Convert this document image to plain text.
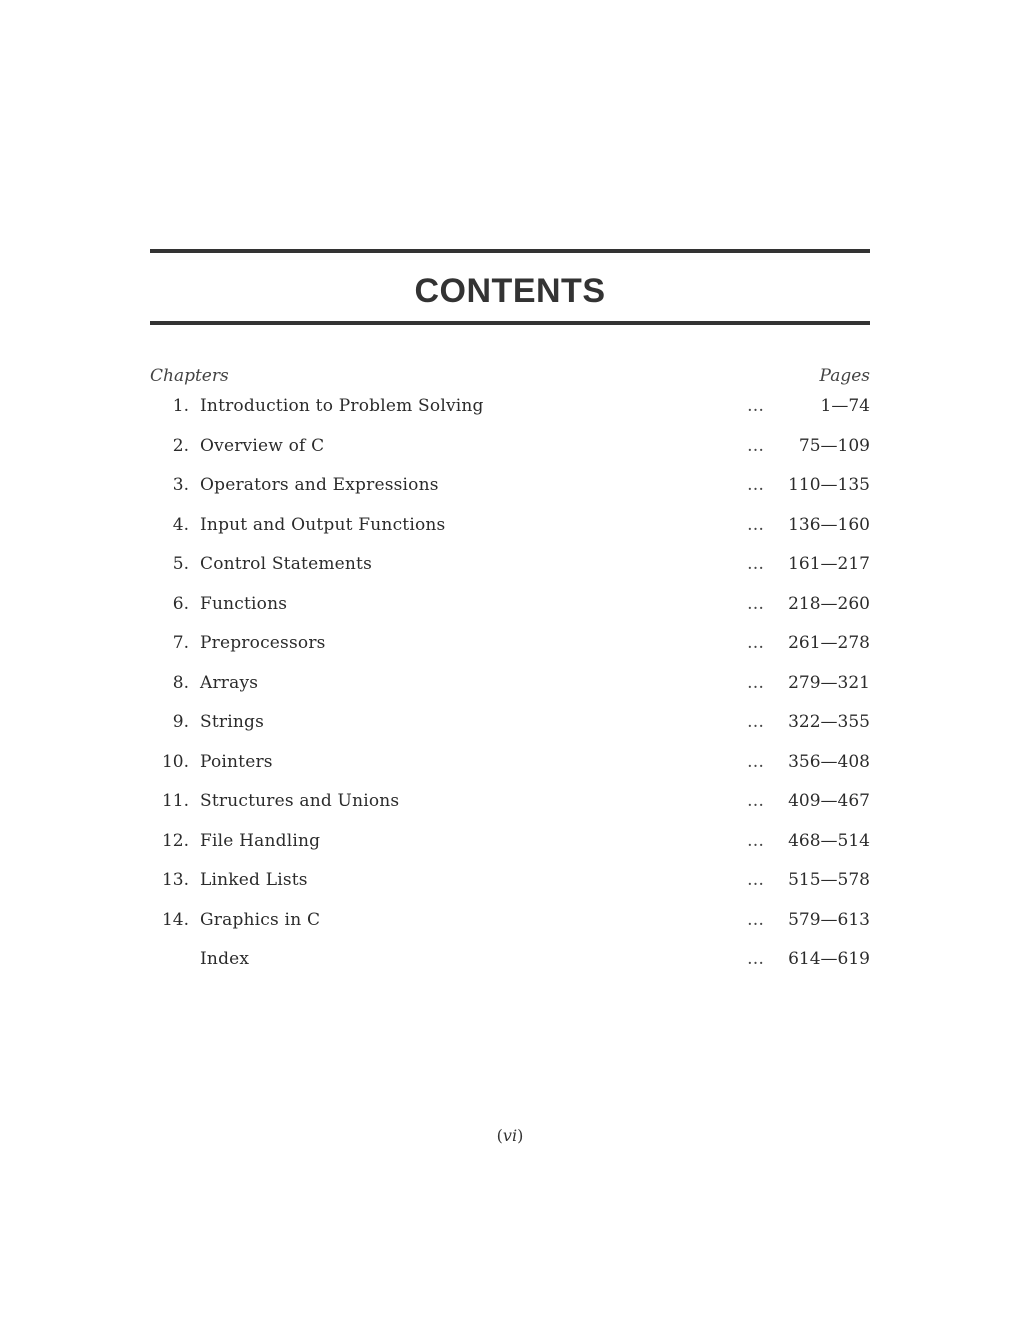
CONTENTS
Chapters	Pages
1. Introduction to Problem Solving	…	1—74
2. Overview of C	… 75—109
3. Operators and Expressions	… 110—135
4. Input and Output Functions	… 136—160
5. Control Statements	… 161—217
6. Functions	… 218—260
7. Preprocessors	… 261—278
8. Arrays	… 279—321
9. Strings	… 322—355
10. Pointers	… 356—408
11. Structures and Unions	… 409—467
12. File Handling	… 468—514
13. Linked Lists	… 515—578
14. Graphics in C	… 579—613
Index	… 614—619
(vi)
